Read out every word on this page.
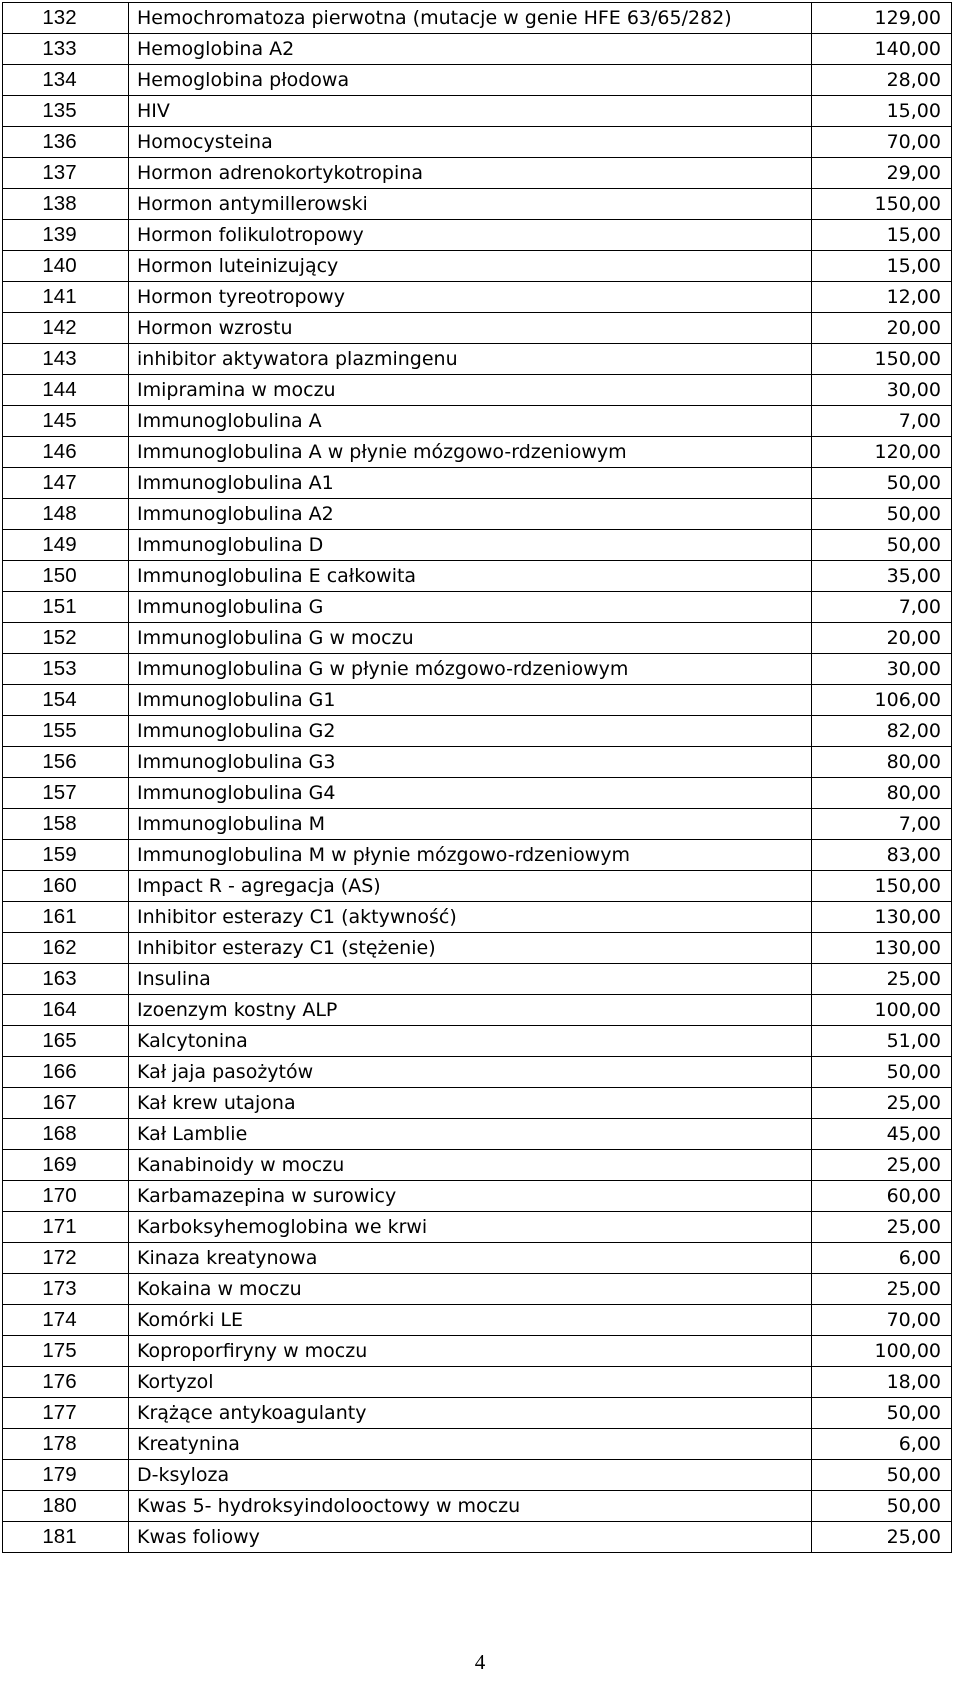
132	Hemochromatoza pierwotna (mutacje w genie HFE 63/65/282)	129,00
133	Hemoglobina A2	140,00
134	Hemoglobina płodowa	28,00
135	HIV	15,00
136	Homocysteina	70,00
137	Hormon adrenokortykotropina	29,00
138	Hormon antymillerowski	150,00
139	Hormon folikulotropowy	15,00
140	Hormon luteinizujący	15,00
141	Hormon tyreotropowy	12,00
142	Hormon wzrostu	20,00
143	inhibitor aktywatora plazmingenu	150,00
144	Imipramina w moczu	30,00
145	Immunoglobulina A	7,00
146	Immunoglobulina A w płynie mózgowo-rdzeniowym	120,00
147	Immunoglobulina A1	50,00
148	Immunoglobulina A2	50,00
149	Immunoglobulina D	50,00
150	Immunoglobulina E całkowita	35,00
151	Immunoglobulina G	7,00
152	Immunoglobulina G w moczu	20,00
153	Immunoglobulina G w płynie mózgowo-rdzeniowym	30,00
154	Immunoglobulina G1	106,00
155	Immunoglobulina G2	82,00
156	Immunoglobulina G3	80,00
157	Immunoglobulina G4	80,00
158	Immunoglobulina M	7,00
159	Immunoglobulina M w płynie mózgowo-rdzeniowym	83,00
160	Impact R - agregacja (AS)	150,00
161	Inhibitor esterazy C1 (aktywność)	130,00
162	Inhibitor esterazy C1 (stężenie)	130,00
163	Insulina	25,00
164	Izoenzym kostny ALP	100,00
165	Kalcytonina	51,00
166	Kał jaja pasożytów	50,00
167	Kał krew utajona	25,00
168	Kał Lamblie	45,00
169	Kanabinoidy w moczu	25,00
170	Karbamazepina w surowicy	60,00
171	Karboksyhemoglobina we krwi	25,00
172	Kinaza kreatynowa	6,00
173	Kokaina w moczu	25,00
174	Komórki LE	70,00
175	Koproporfiryny w moczu	100,00
176	Kortyzol	18,00
177	Krążące antykoagulanty	50,00
178	Kreatynina	6,00
179	D-ksyloza	50,00
180	Kwas 5- hydroksyindolooctowy w moczu	50,00
181	Kwas foliowy	25,00
4
